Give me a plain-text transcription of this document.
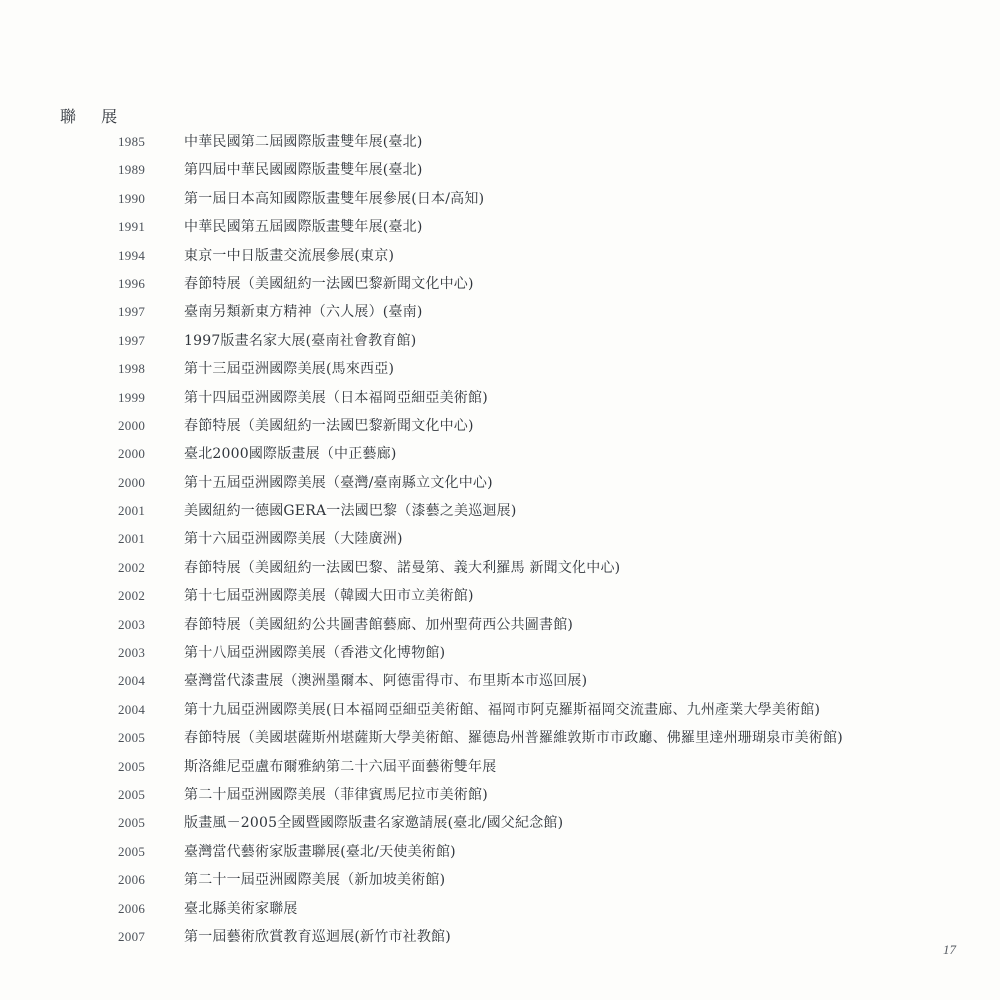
聯 展
1985	中華民國第二屆國際版畫雙年展(臺北)
1989	第四屆中華民國國際版畫雙年展(臺北)
1990	第一屆日本高知國際版畫雙年展參展(日本/高知)
1991	中華民國第五屆國際版畫雙年展(臺北)
1994	東京一中日版畫交流展參展(東京)
1996	春節特展（美國紐約一法國巴黎新聞文化中心)
1997	臺南另類新東方精神（六人展）(臺南)
1997	1997版畫名家大展(臺南社會教育館)
1998	第十三屆亞洲國際美展(馬來西亞)
1999	第十四屆亞洲國際美展（日本福岡亞細亞美術館)
2000	春節特展（美國紐約一法國巴黎新聞文化中心)
2000	臺北2000國際版畫展（中正藝廊)
2000	第十五屆亞洲國際美展（臺灣/臺南縣立文化中心)
2001	美國紐約一德國GERA一法國巴黎（漆藝之美巡迴展)
2001	第十六屆亞洲國際美展（大陸廣洲)
2002	春節特展（美國紐約一法國巴黎、諾曼第、義大利羅馬 新聞文化中心)
2002	第十七屆亞洲國際美展（韓國大田市立美術館)
2003	春節特展（美國紐約公共圖書館藝廊、加州聖荷西公共圖書館)
2003	第十八屆亞洲國際美展（香港文化博物館)
2004	臺灣當代漆畫展（澳洲墨爾本、阿德雷得市、布里斯本市巡回展)
2004	第十九屆亞洲國際美展(日本福岡亞細亞美術館、福岡市阿克羅斯福岡交流畫廊、九州產業大學美術館)
2005	春節特展（美國堪薩斯州堪薩斯大學美術館、羅德島州普羅維敦斯市市政廳、佛羅里達州珊瑚泉市美術館)
2005	斯洛維尼亞盧布爾雅納第二十六屆平面藝術雙年展
2005	第二十屆亞洲國際美展（菲律賓馬尼拉市美術館)
2005	版畫風－2005全國暨國際版畫名家邀請展(臺北/國父紀念館)
2005	臺灣當代藝術家版畫聯展(臺北/天使美術館)
2006	第二十一屆亞洲國際美展（新加坡美術館)
2006	臺北縣美術家聯展
2007	第一屆藝術欣賞教育巡迴展(新竹市社教館)
17
